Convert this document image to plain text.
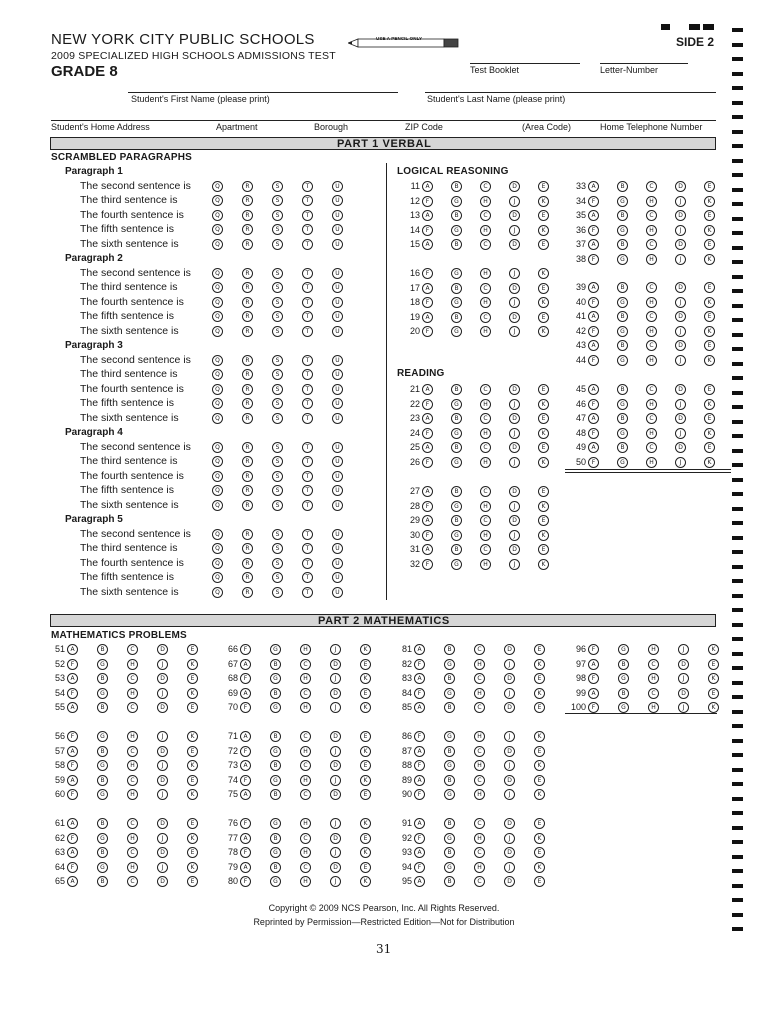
NEW YORK CITY PUBLIC SCHOOLS	USE A PENCIL ONLY	SIDE 2
2009 SPECIALIZED HIGH SCHOOLS ADMISSIONS TEST
GRADE 8	Test Booklet	Letter-Number
Student's First Name (please print)	Student's Last Name (please print)
Student's Home Address	Apartment	Borough	ZIP Code	(Area Code)	Home Telephone Number
PART 1 VERBAL
SCRAMBLED PARAGRAPHS
LOGICAL REASONING
READING
Paragraph 1
The second sentence is	Q	R	S	T	U
The third sentence is	Q	R	S	T	U
The fourth sentence is	Q	R	S	T	U
The fifth sentence is	Q	R	S	T	U
The sixth sentence is	Q	R	S	T	U
Paragraph 2
The second sentence is	Q	R	S	T	U
The third sentence is	Q	R	S	T	U
The fourth sentence is	Q	R	S	T	U
The fifth sentence is	Q	R	S	T	U
The sixth sentence is	Q	R	S	T	U
Paragraph 3
The second sentence is	Q	R	S	T	U
The third sentence is	Q	R	S	T	U
The fourth sentence is	Q	R	S	T	U
The fifth sentence is	Q	R	S	T	U
The sixth sentence is	Q	R	S	T	U
Paragraph 4
The second sentence is	Q	R	S	T	U
The third sentence is	Q	R	S	T	U
The fourth sentence is	Q	R	S	T	U
The fifth sentence is	Q	R	S	T	U
The sixth sentence is	Q	R	S	T	U
Paragraph 5
The second sentence is	Q	R	S	T	U
The third sentence is	Q	R	S	T	U
The fourth sentence is	Q	R	S	T	U
The fifth sentence is	Q	R	S	T	U
The sixth sentence is	Q	R	S	T	U
11 A	B	C	D	E
12 F	G	H	J	K
13 A	B	C	D	E
14 F	G	H	J	K
15 A	B	C	D	E
16 F	G	H	J	K
17 A	B	C	D	E
18 F	G	H	J	K
19 A	B	C	D	E
20 F	G	H	J	K
21 A	B	C	D	E
22 F	G	H	J	K
23 A	B	C	D	E
24 F	G	H	J	K
25 A	B	C	D	E
26 F	G	H	J	K
27 A	B	C	D	E
28 F	G	H	J	K
29 A	B	C	D	E
30 F	G	H	J	K
31 A	B	C	D	E
32 F	G	H	J	K
33 A	B	C	D	E
34 F	G	H	J	K
35 A	B	C	D	E
36 F	G	H	J	K
37 A	B	C	D	E
38 F	G	H	J	K
39 A	B	C	D	E
40 F	G	H	J	K
41 A	B	C	D	E
42 F	G	H	J	K
43 A	B	C	D	E
44 F	G	H	J	K
45 A	B	C	D	E
46 F	G	H	J	K
47 A	B	C	D	E
48 F	G	H	J	K
49 A	B	C	D	E
50 F	G	H	J	K
PART 2 MATHEMATICS
MATHEMATICS PROBLEMS
51 A	B	C	D	E
52 F	G	H	J	K
53 A	B	C	D	E
54 F	G	H	J	K
55 A	B	C	D	E
56 F	G	H	J	K
57 A	B	C	D	E
58 F	G	H	J	K
59 A	B	C	D	E
60 F	G	H	J	K
61 A	B	C	D	E
62 F	G	H	J	K
63 A	B	C	D	E
64 F	G	H	J	K
65 A	B	C	D	E
66 F	G	H	J	K
67 A	B	C	D	E
68 F	G	H	J	K
69 A	B	C	D	E
70 F	G	H	J	K
71 A	B	C	D	E
72 F	G	H	J	K
73 A	B	C	D	E
74 F	G	H	J	K
75 A	B	C	D	E
76 F	G	H	J	K
77 A	B	C	D	E
78 F	G	H	J	K
79 A	B	C	D	E
80 F	G	H	J	K
81 A	B	C	D	E
82 F	G	H	J	K
83 A	B	C	D	E
84 F	G	H	J	K
85 A	B	C	D	E
86 F	G	H	J	K
87 A	B	C	D	E
88 F	G	H	J	K
89 A	B	C	D	E
90 F	G	H	J	K
91 A	B	C	D	E
92 F	G	H	J	K
93 A	B	C	D	E
94 F	G	H	J	K
95 A	B	C	D	E
96 F	G	H	J	K
97 A	B	C	D	E
98 F	G	H	J	K
99 A	B	C	D	E
100 F	G	H	J	K
Copyright © 2009 NCS Pearson, Inc. All Rights Reserved.
Reprinted by Permission—Restricted Edition—Not for Distribution
31
